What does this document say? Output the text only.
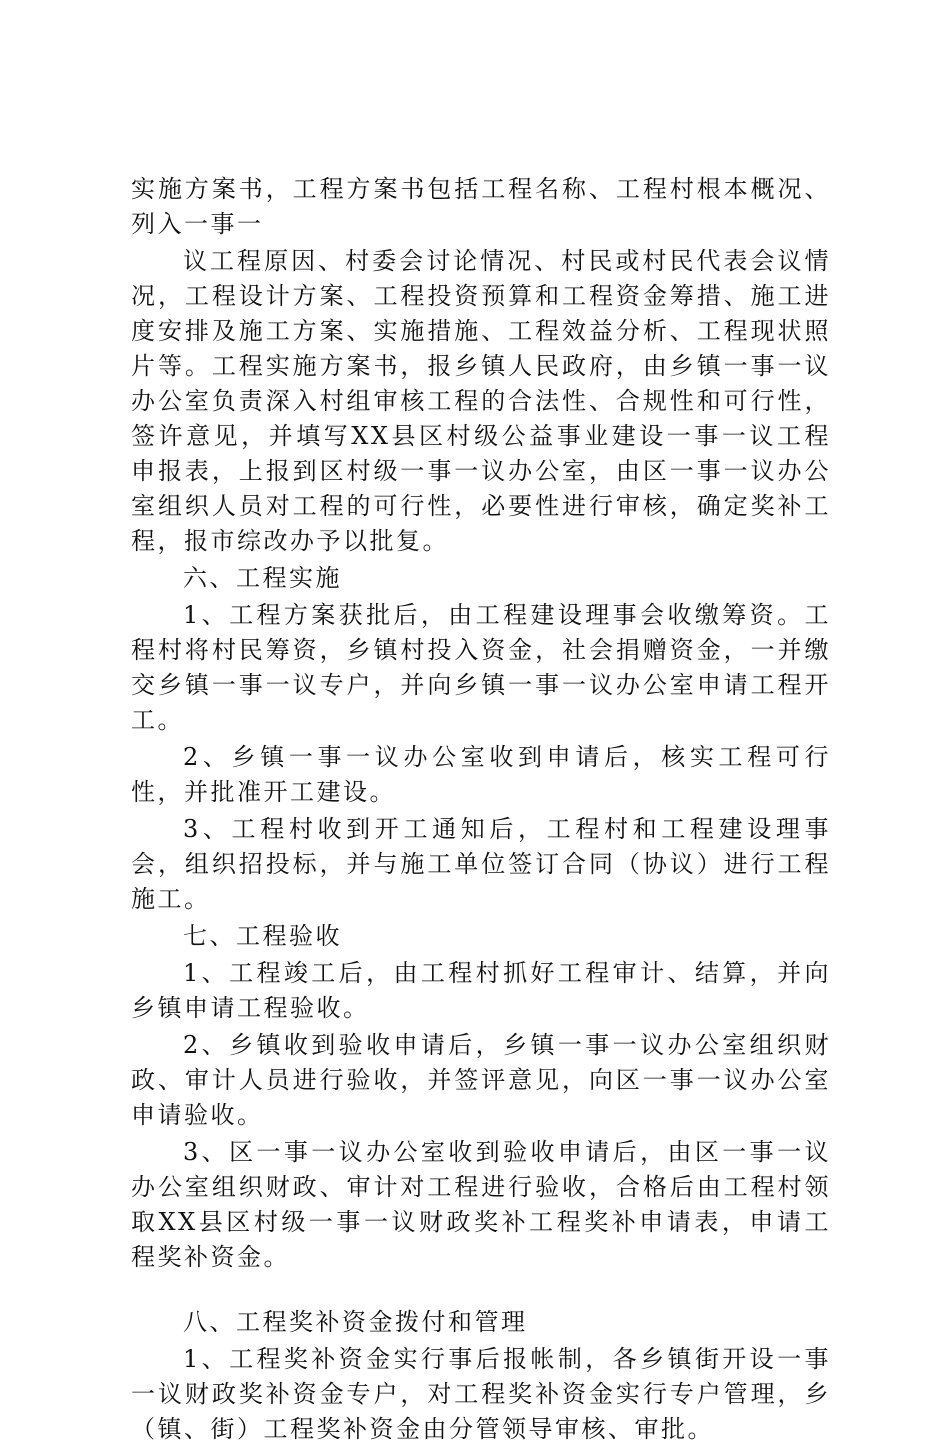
实施方案书，工程方案书包括工程名称、工程村根本概况、列入一事一

议工程原因、村委会讨论情况、村民或村民代表会议情况，工程设计方案、工程投资预算和工程资金筹措、施工进度安排及施工方案、实施措施、工程效益分析、工程现状照片等。工程实施方案书，报乡镇人民政府，由乡镇一事一议办公室负责深入村组审核工程的合法性、合规性和可行性，签许意见，并填写XX县区村级公益事业建设一事一议工程申报表，上报到区村级一事一议办公室，由区一事一议办公室组织人员对工程的可行性，必要性进行审核，确定奖补工程，报市综改办予以批复。

六、工程实施

1、工程方案获批后，由工程建设理事会收缴筹资。工程村将村民筹资，乡镇村投入资金，社会捐赠资金，一并缴交乡镇一事一议专户，并向乡镇一事一议办公室申请工程开工。

2、乡镇一事一议办公室收到申请后，核实工程可行性，并批准开工建设。

3、工程村收到开工通知后，工程村和工程建设理事会，组织招投标，并与施工单位签订合同（协议）进行工程施工。

七、工程验收

1、工程竣工后，由工程村抓好工程审计、结算，并向乡镇申请工程验收。

2、乡镇收到验收申请后，乡镇一事一议办公室组织财政、审计人员进行验收，并签评意见，向区一事一议办公室申请验收。

3、区一事一议办公室收到验收申请后，由区一事一议办公室组织财政、审计对工程进行验收，合格后由工程村领取XX县区村级一事一议财政奖补工程奖补申请表，申请工程奖补资金。

八、工程奖补资金拨付和管理

1、工程奖补资金实行事后报帐制，各乡镇街开设一事一议财政奖补资金专户，对工程奖补资金实行专户管理，乡（镇、街）工程奖补资金由分管领导审核、审批。
